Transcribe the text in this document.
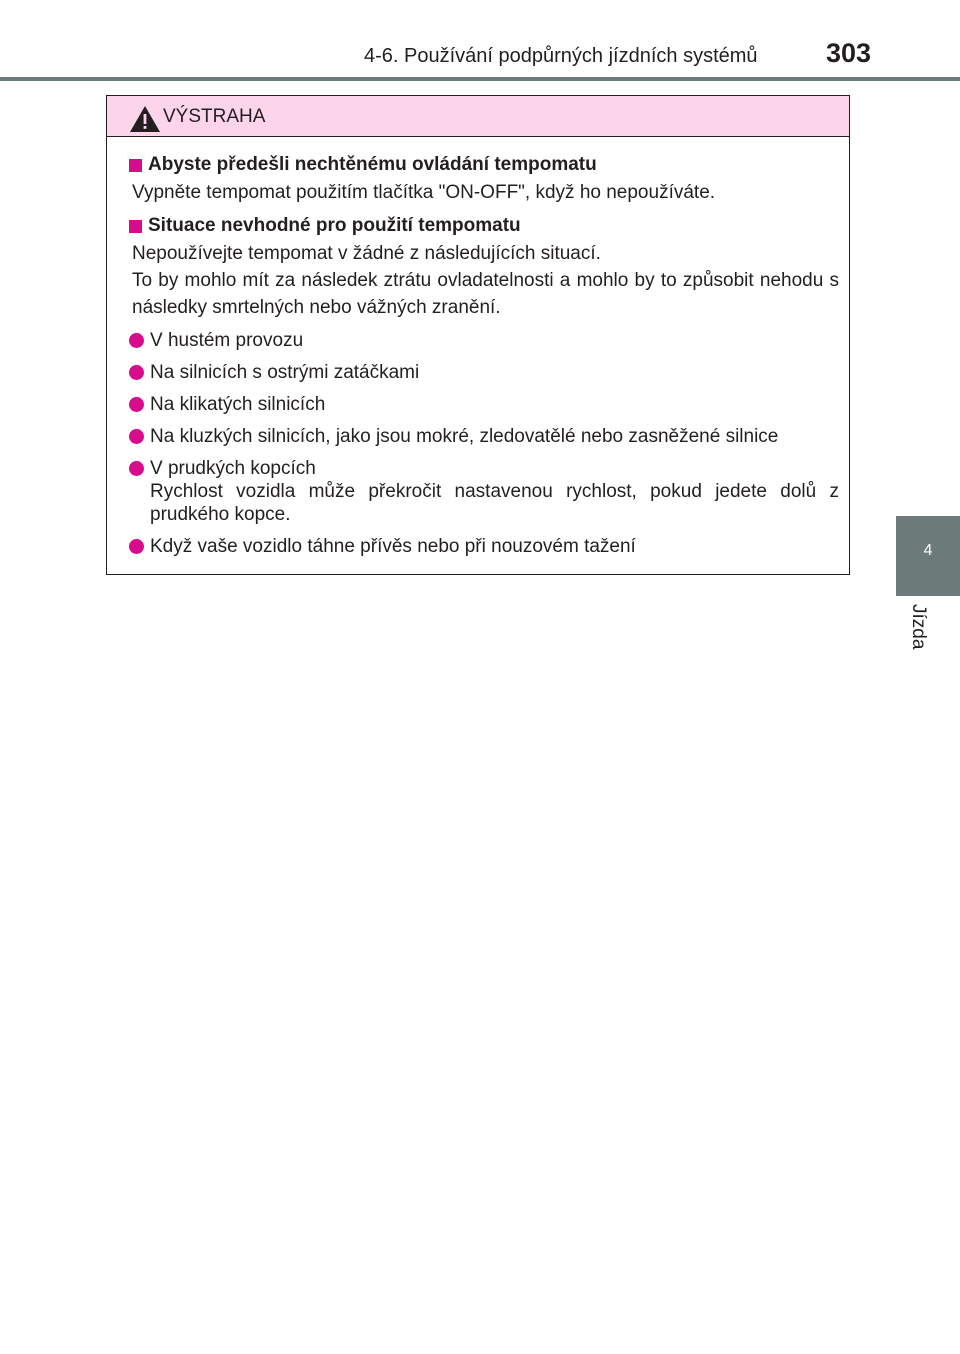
4-6. Používání podpůrných jízdních systémů	303
4
Jízda
VÝSTRAHA
Abyste předešli nechtěnému ovládání tempomatu
Vypněte tempomat použitím tlačítka "ON-OFF", když ho nepoužíváte.
Situace nevhodné pro použití tempomatu
Nepoužívejte tempomat v žádné z následujících situací.
To by mohlo mít za následek ztrátu ovladatelnosti a mohlo by to způsobit nehodu s následky smrtelných nebo vážných zranění.
V hustém provozu
Na silnicích s ostrými zatáčkami
Na klikatých silnicích
Na kluzkých silnicích, jako jsou mokré, zledovatělé nebo zasněžené silnice
V prudkých kopcích
Rychlost vozidla může překročit nastavenou rychlost, pokud jedete dolů z prudkého kopce.
Když vaše vozidlo táhne přívěs nebo při nouzovém tažení
